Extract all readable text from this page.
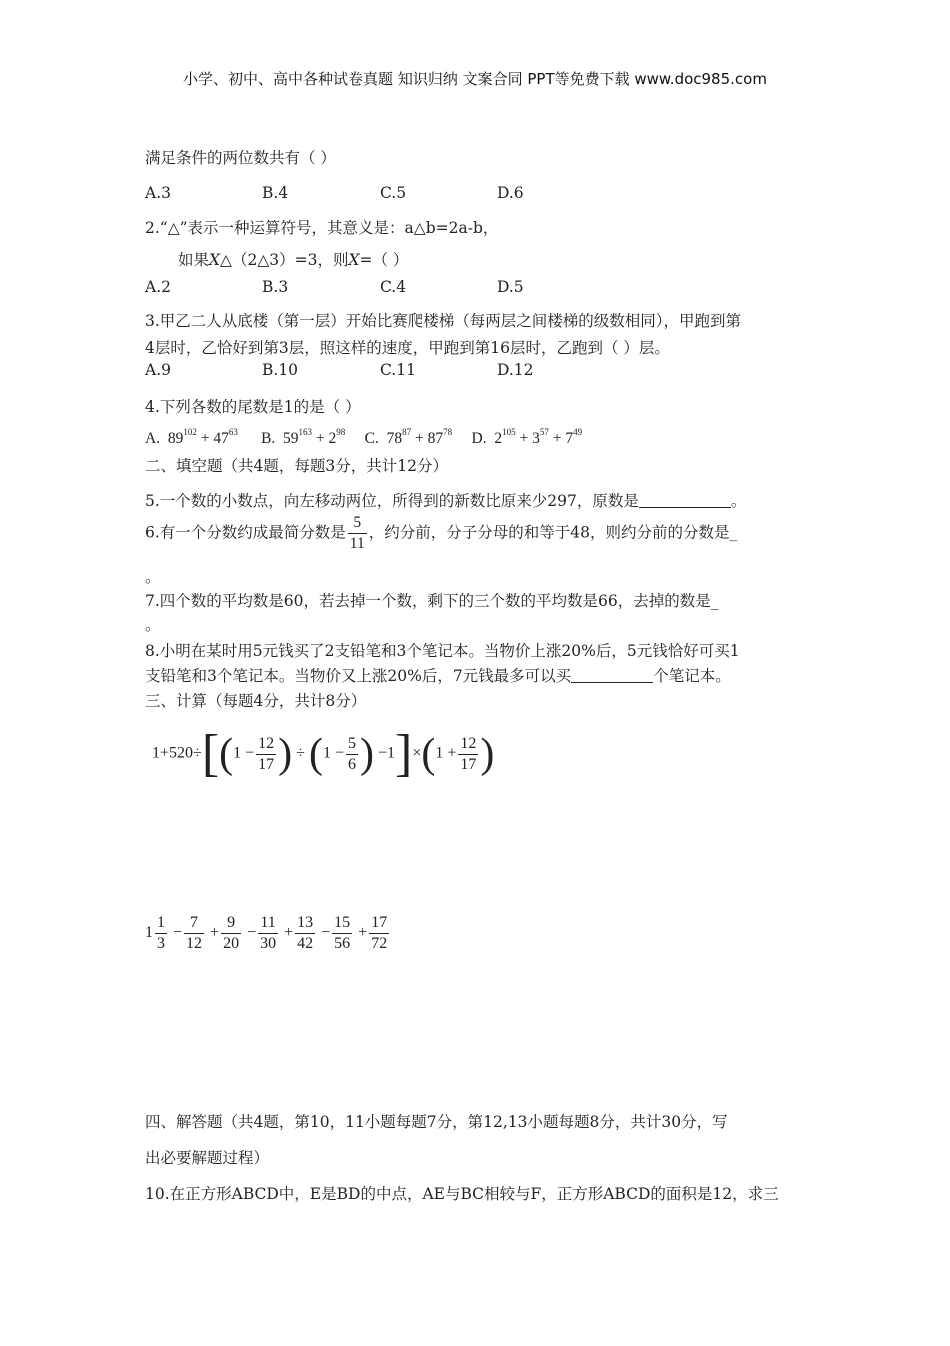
小学、初中、高中各种试卷真题 知识归纳 文案合同 PPT等免费下载 www.doc985.com
满足条件的两位数共有（ ）
A.3	B.4	C.5	D.6
2.“△”表示一种运算符号，其意义是：a△b=2a-b，
如果𝑋△（2△3）=3，则𝑋=（ ）
A.2	B.3	C.4	D.5
3.甲乙二人从底楼（第一层）开始比赛爬楼梯（每两层之间楼梯的级数相同），甲跑到第
4层时，乙恰好到第3层，照这样的速度，甲跑到第16层时，乙跑到（ ）层。
A.9	B.10	C.11	D.12
4.下列各数的尾数是1的是（ ）
A. $89^{102} + 47^{63}$ B. $59^{163} + 2^{98}$ C. $78^{87} + 87^{78}$ D. $2^{105} + 3^{57} + 7^{49}$
二、填空题（共4题，每题3分，共计12分）
5.一个数的小数点，向左移动两位，所得到的新数比原来少297，原数是	。
6.有一个分数约成最简分数是 $\frac{5}{11}$ ，约分前，分子分母的和等于48，则约分前的分数是_
。
7.四个数的平均数是60，若去掉一个数，剩下的三个数的平均数是66，去掉的数是_
。
8.小明在某时用5元钱买了2支铅笔和3个笔记本。当物价上涨20%后，5元钱恰好可买1
支铅笔和3个笔记本。当物价又上涨20%后，7元钱最多可以买	个笔记本。
三、计算（每题4分，共计8分）
$1+520\div[(1 - \frac{12}{17}$ ) ÷ ($1 - \frac{5}{6}$ ) $-1]\times(1 + \frac{12}{17}$ )
$1 \frac{1}{3} - \frac{7}{12} + \frac{9}{20} - \frac{11}{30} + \frac{13}{42} - \frac{15}{56} + \frac{17}{72}$
四、解答题（共4题，第10，11小题每题7分，第12,13小题每题8分，共计30分，写
出必要解题过程）
10.在正方形ABCD中，E是BD的中点，AE与BC相较与F，正方形ABCD的面积是12，求三
